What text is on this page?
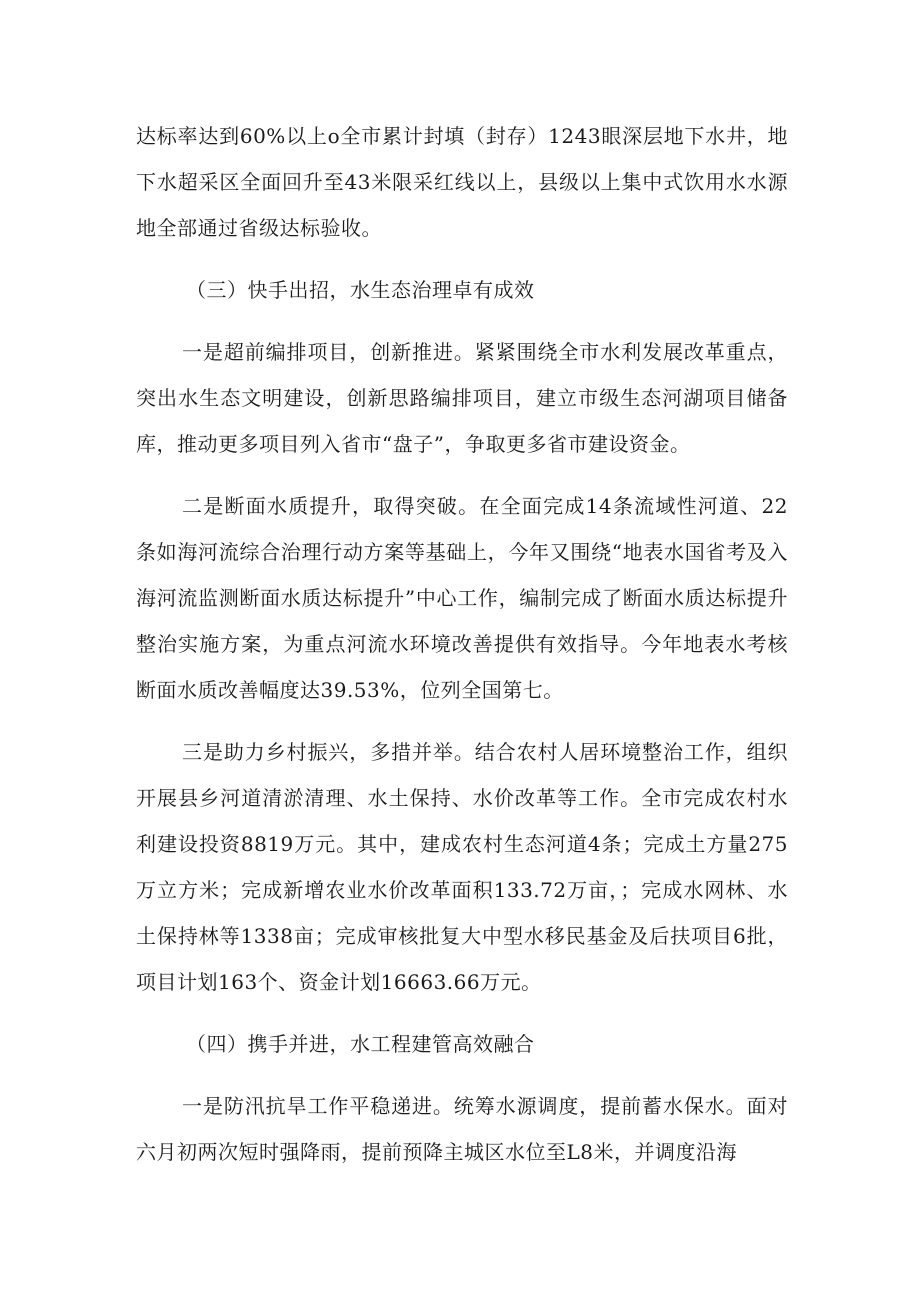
达标率达到60%以上o全市累计封填（封存）1243眼深层地下水井，地下水超采区全面回升至43米限采红线以上，县级以上集中式饮用水水源地全部通过省级达标验收。

（三）快手出招，水生态治理卓有成效

一是超前编排项目，创新推进。紧紧围绕全市水利发展改革重点，突出水生态文明建设，创新思路编排项目，建立市级生态河湖项目储备库，推动更多项目列入省市“盘子”，争取更多省市建设资金。

二是断面水质提升，取得突破。在全面完成14条流域性河道、22条如海河流综合治理行动方案等基础上，今年又围绕“地表水国省考及入海河流监测断面水质达标提升”中心工作，编制完成了断面水质达标提升整治实施方案，为重点河流水环境改善提供有效指导。今年地表水考核断面水质改善幅度达39.53%，位列全国第七。

三是助力乡村振兴，多措并举。结合农村人居环境整治工作，组织开展县乡河道清淤清理、水土保持、水价改革等工作。全市完成农村水利建设投资8819万元。其中，建成农村生态河道4条；完成土方量275万立方米；完成新增农业水价改革面积133.72万亩，；完成水网林、水土保持林等1338亩；完成审核批复大中型水移民基金及后扶项目6批，项目计划163个、资金计划16663.66万元。

（四）携手并进，水工程建管高效融合

一是防汛抗旱工作平稳递进。统筹水源调度，提前蓄水保水。面对六月初两次短时强降雨，提前预降主城区水位至L8米，并调度沿海
